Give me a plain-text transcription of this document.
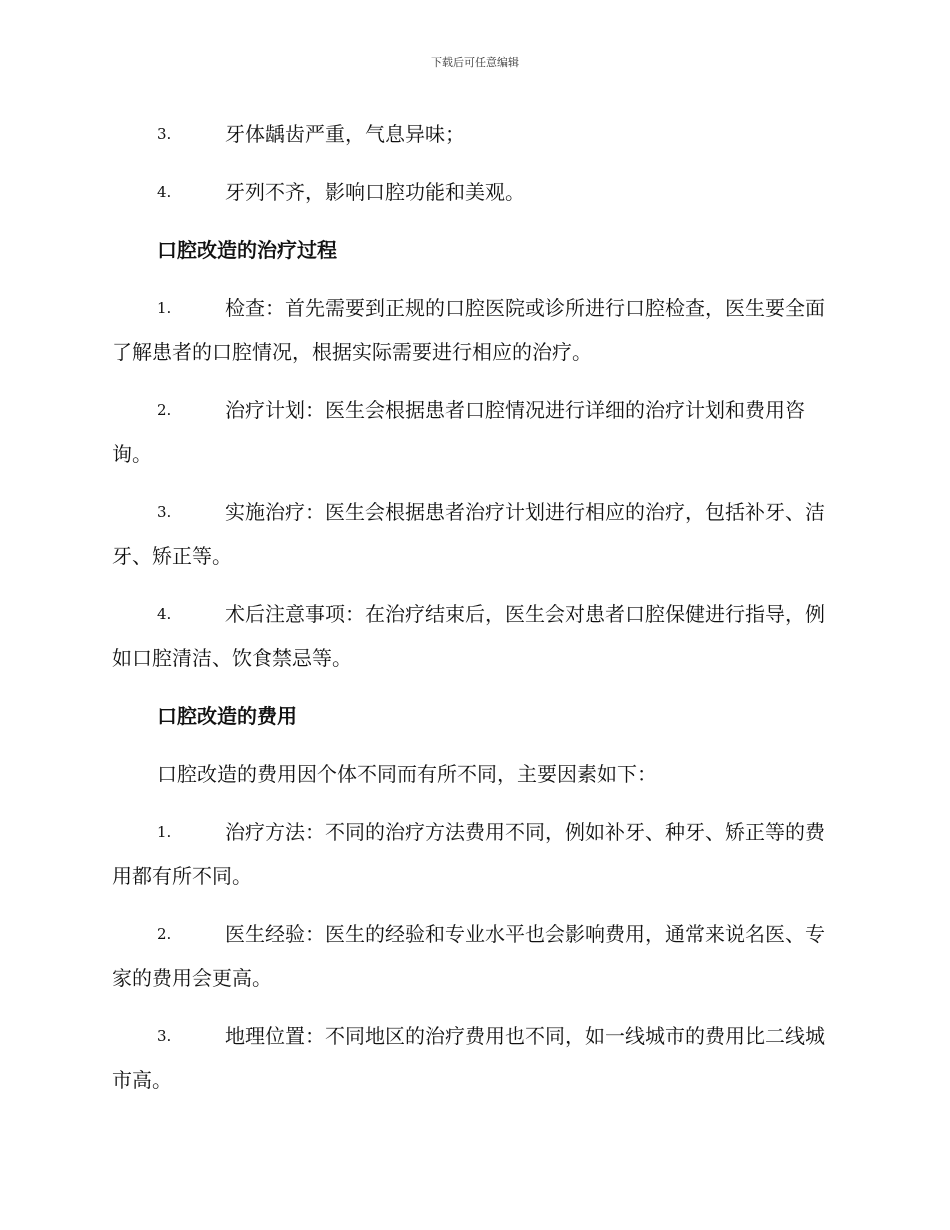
下载后可任意编辑
3.	牙体龋齿严重，气息异味；
4.	牙列不齐，影响口腔功能和美观。
口腔改造的治疗过程
1.	检查：首先需要到正规的口腔医院或诊所进行口腔检查，医生要全面了解患者的口腔情况，根据实际需要进行相应的治疗。
2.	治疗计划：医生会根据患者口腔情况进行详细的治疗计划和费用咨询。
3.	实施治疗：医生会根据患者治疗计划进行相应的治疗，包括补牙、洁牙、矫正等。
4.	术后注意事项：在治疗结束后，医生会对患者口腔保健进行指导，例如口腔清洁、饮食禁忌等。
口腔改造的费用
口腔改造的费用因个体不同而有所不同，主要因素如下：
1.	治疗方法：不同的治疗方法费用不同，例如补牙、种牙、矫正等的费用都有所不同。
2.	医生经验：医生的经验和专业水平也会影响费用，通常来说名医、专家的费用会更高。
3.	地理位置：不同地区的治疗费用也不同，如一线城市的费用比二线城市高。
